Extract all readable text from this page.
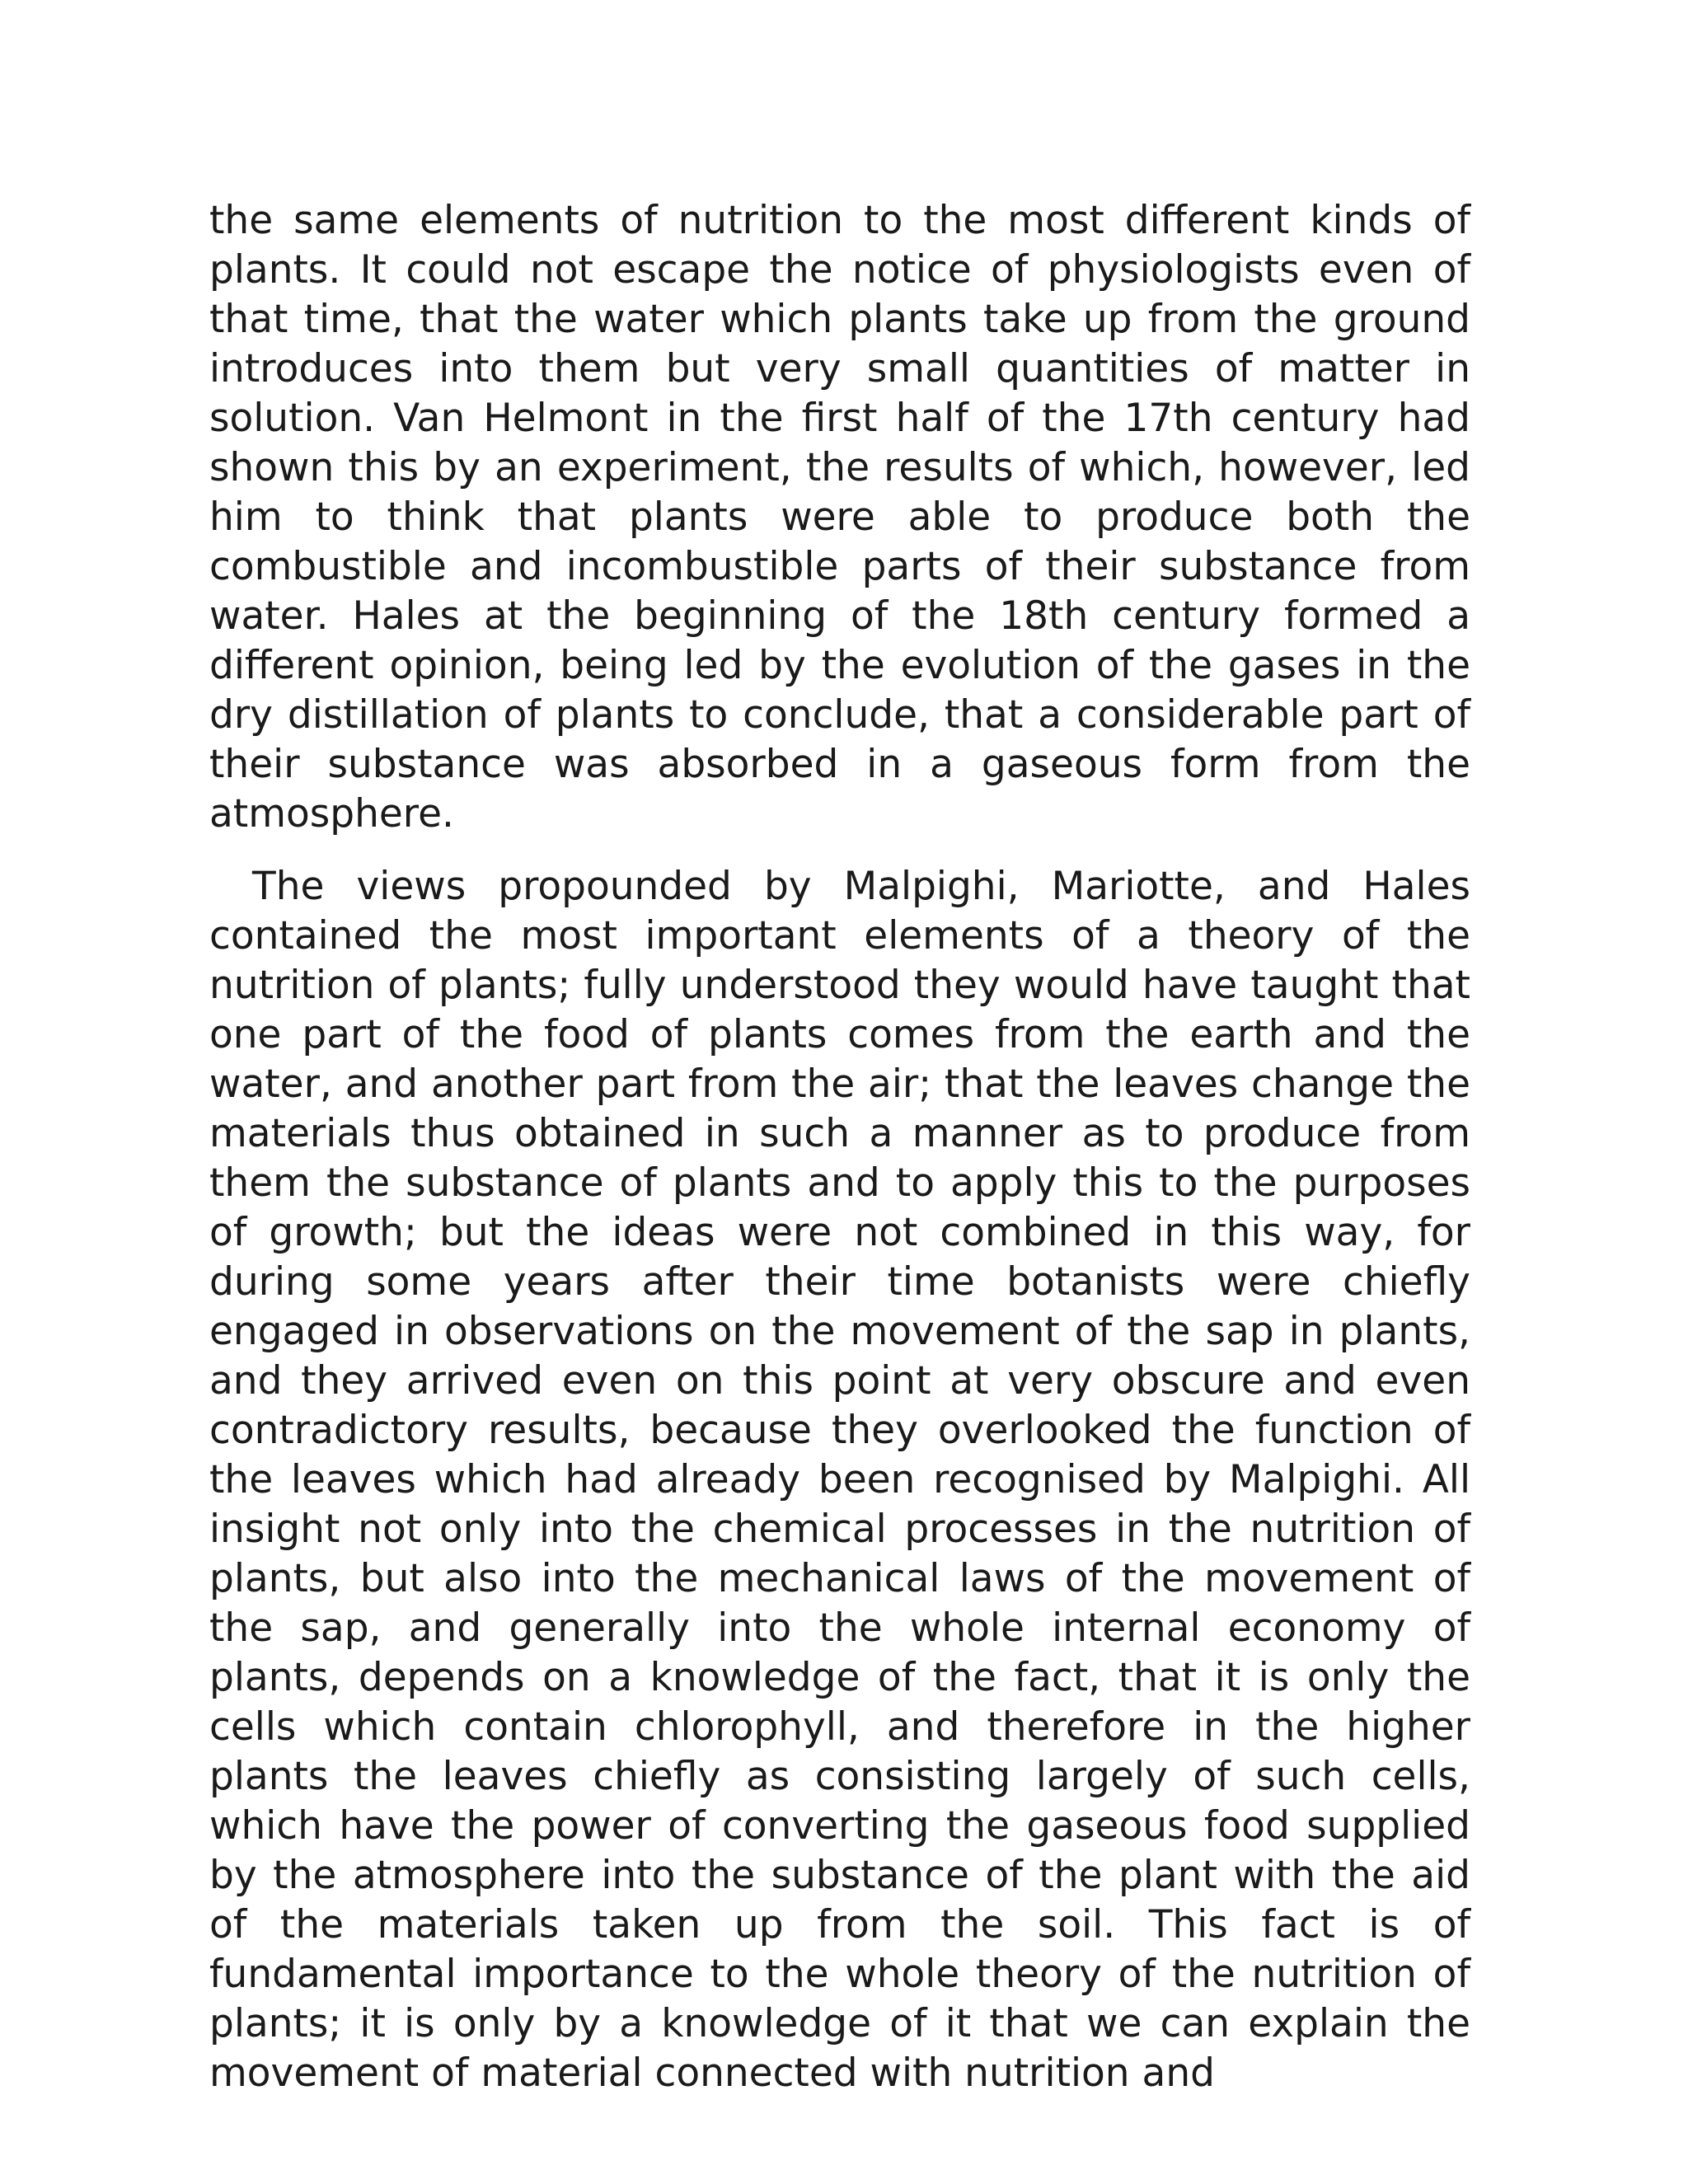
the same elements of nutrition to the most different kinds of plants. It could not escape the notice of physiologists even of that time, that the water which plants take up from the ground introduces into them but very small quantities of matter in solution. Van Helmont in the first half of the 17th century had shown this by an experiment, the results of which, however, led him to think that plants were able to produce both the combustible and incombustible parts of their substance from water. Hales at the beginning of the 18th century formed a different opinion, being led by the evolution of the gases in the dry distillation of plants to conclude, that a considerable part of their substance was absorbed in a gaseous form from the atmosphere.

The views propounded by Malpighi, Mariotte, and Hales contained the most important elements of a theory of the nutrition of plants; fully understood they would have taught that one part of the food of plants comes from the earth and the water, and another part from the air; that the leaves change the materials thus obtained in such a manner as to produce from them the substance of plants and to apply this to the purposes of growth; but the ideas were not combined in this way, for during some years after their time botanists were chiefly engaged in observations on the movement of the sap in plants, and they arrived even on this point at very obscure and even contradictory results, because they overlooked the function of the leaves which had already been recognised by Malpighi. All insight not only into the chemical processes in the nutrition of plants, but also into the mechanical laws of the movement of the sap, and generally into the whole internal economy of plants, depends on a knowledge of the fact, that it is only the cells which contain chlorophyll, and therefore in the higher plants the leaves chiefly as consisting largely of such cells, which have the power of converting the gaseous food supplied by the atmosphere into the substance of the plant with the aid of the materials taken up from the soil. This fact is of fundamental importance to the whole theory of the nutrition of plants; it is only by a knowledge of it that we can explain the movement of material connected with nutrition and
